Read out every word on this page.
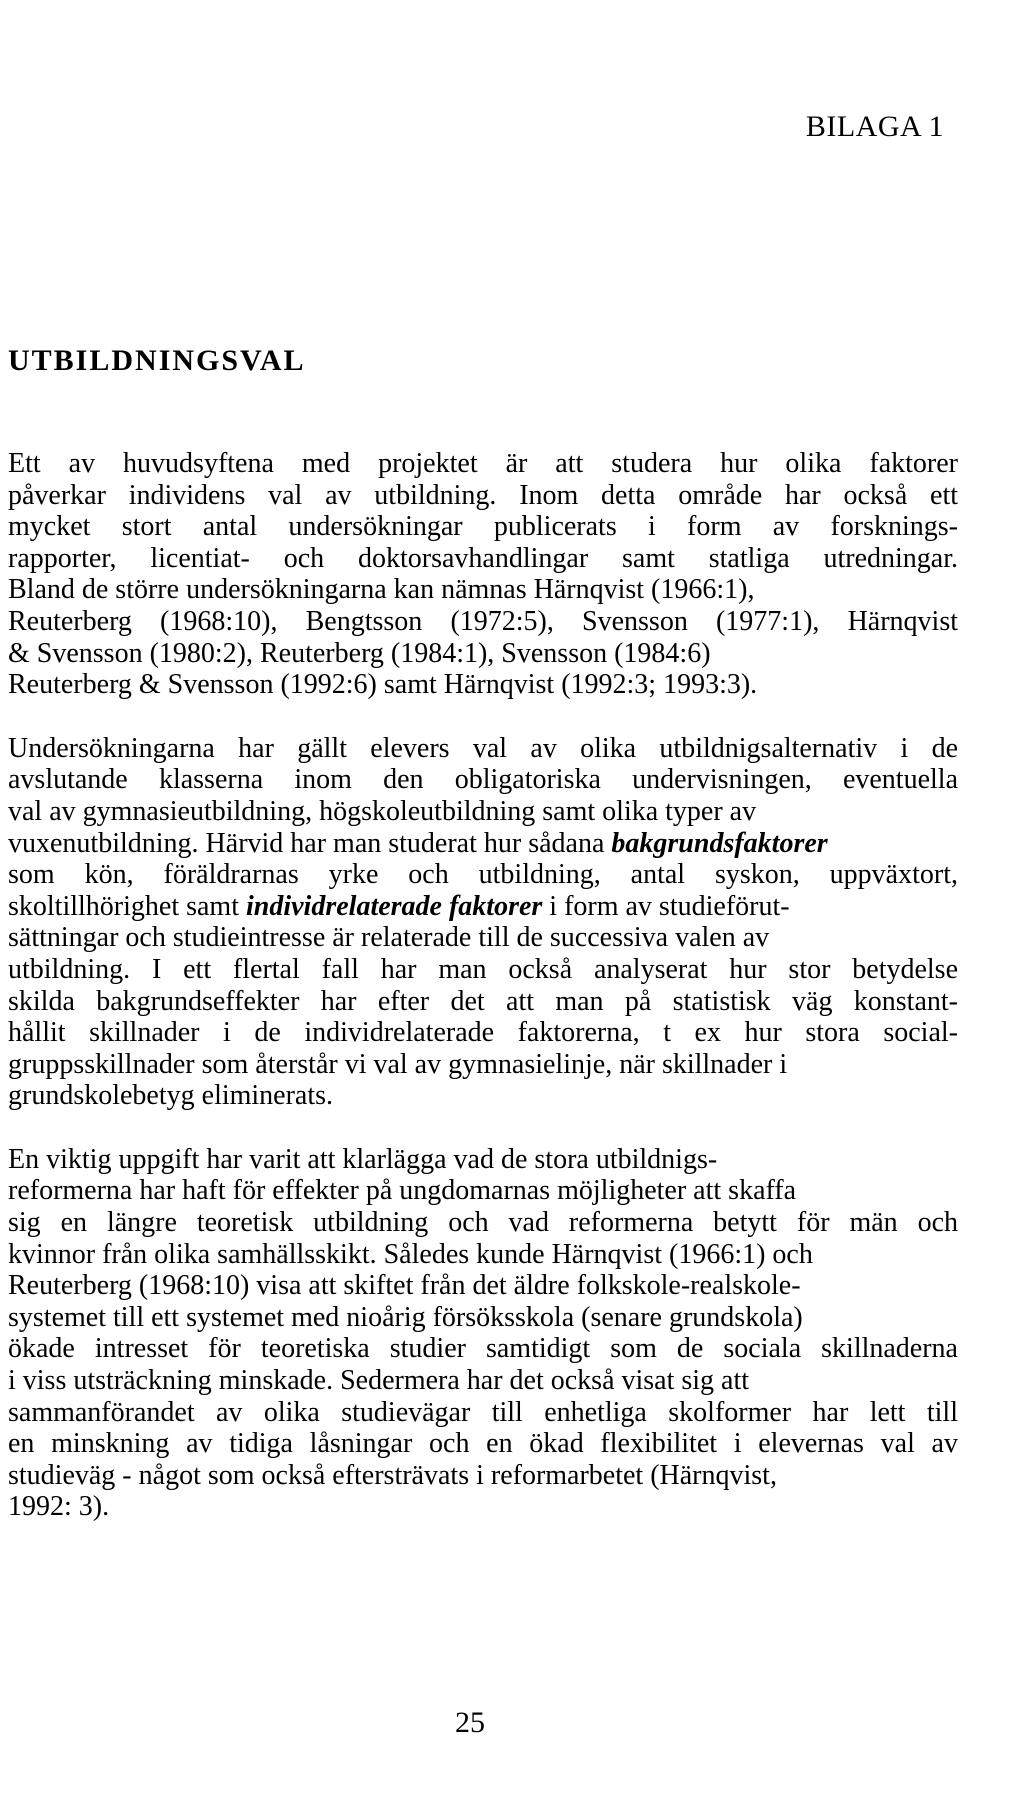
BILAGA 1
UTBILDNINGSVAL

Ett av huvudsyftena med projektet är att studera hur olika faktorer
påverkar individens val av utbildning. Inom detta område har också ett
mycket stort antal undersökningar publicerats i form av forsknings-
rapporter, licentiat- och doktorsavhandlingar samt statliga utredningar.
Bland de större undersökningarna kan nämnas Härnqvist (1966:1),
Reuterberg (1968:10), Bengtsson (1972:5), Svensson (1977:1), Härnqvist
& Svensson (1980:2), Reuterberg (1984:1), Svensson (1984:6)
Reuterberg & Svensson (1992:6) samt Härnqvist (1992:3; 1993:3).

Undersökningarna har gällt elevers val av olika utbildnigsalternativ i de
avslutande klasserna inom den obligatoriska undervisningen, eventuella
val av gymnasieutbildning, högskoleutbildning samt olika typer av
vuxenutbildning. Härvid har man studerat hur sådana bakgrundsfaktorer
som kön, föräldrarnas yrke och utbildning, antal syskon, uppväxtort,
skoltillhörighet samt individrelaterade faktorer i form av studieförut-
sättningar och studieintresse är relaterade till de successiva valen av
utbildning. I ett flertal fall har man också analyserat hur stor betydelse
skilda bakgrundseffekter har efter det att man på statistisk väg konstant-
hållit skillnader i de individrelaterade faktorerna, t ex hur stora social-
gruppsskillnader som återstår vi val av gymnasielinje, när skillnader i
grundskolebetyg eliminerats.

En viktig uppgift har varit att klarlägga vad de stora utbildnigs-
reformerna har haft för effekter på ungdomarnas möjligheter att skaffa
sig en längre teoretisk utbildning och vad reformerna betytt för män och
kvinnor från olika samhällsskikt. Således kunde Härnqvist (1966:1) och
Reuterberg (1968:10) visa att skiftet från det äldre folkskole-realskole-
systemet till ett systemet med nioårig försöksskola (senare grundskola)
ökade intresset för teoretiska studier samtidigt som de sociala skillnaderna
i viss utsträckning minskade. Sedermera har det också visat sig att
sammanförandet av olika studievägar till enhetliga skolformer har lett till
en minskning av tidiga låsningar och en ökad flexibilitet i elevernas val av
studieväg - något som också eftersträvats i reformarbetet (Härnqvist,
1992: 3).

25
